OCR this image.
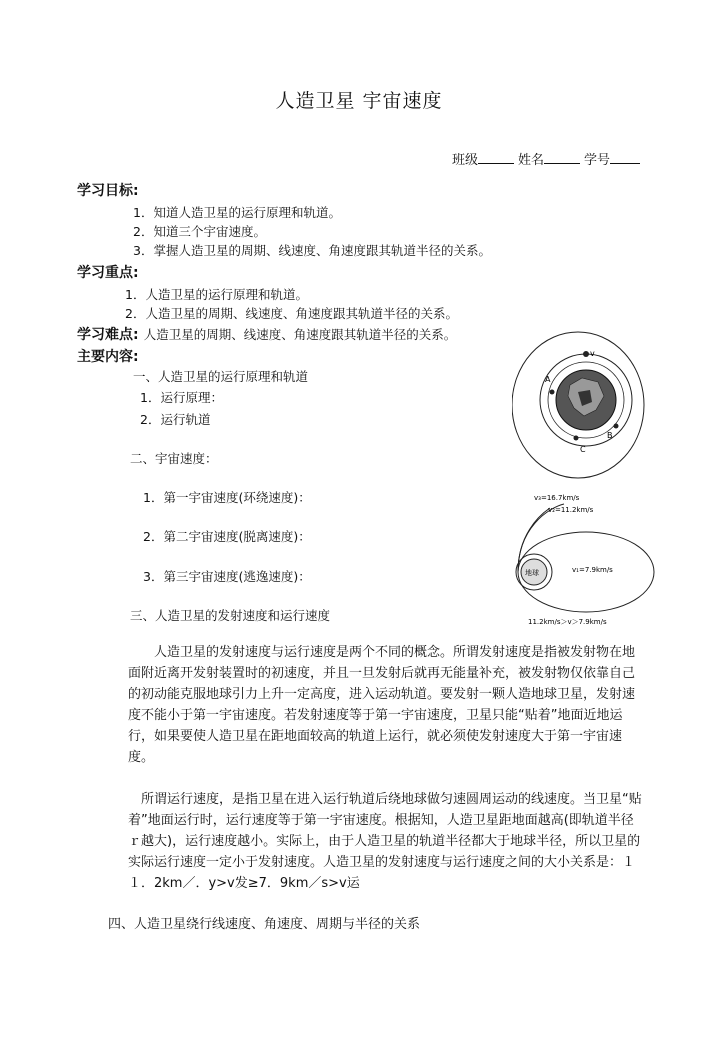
人造卫星 宇宙速度
班级	姓名	学号
学习目标:
1．知道人造卫星的运行原理和轨道。
2．知道三个宇宙速度。
3．掌握人造卫星的周期、线速度、角速度跟其轨道半径的关系。
学习重点:
1．人造卫星的运行原理和轨道。
2．人造卫星的周期、线速度、角速度跟其轨道半径的关系。
学习难点: 人造卫星的周期、线速度、角速度跟其轨道半径的关系。
主要内容:
一、人造卫星的运行原理和轨道
1．运行原理：
2．运行轨道
二、宇宙速度：
1．第一宇宙速度(环绕速度)：
2．第二宇宙速度(脱离速度)：
3．第三宇宙速度(逃逸速度)：
三、人造卫星的发射速度和运行速度
人造卫星的发射速度与运行速度是两个不同的概念。所谓发射速度是指被发射物在地面附近离开发射装置时的初速度，并且一旦发射后就再无能量补充，被发射物仅依靠自己的初动能克服地球引力上升一定高度，进入运动轨道。要发射一颗人造地球卫星，发射速度不能小于第一宇宙速度。若发射速度等于第一宇宙速度，卫星只能“贴着”地面近地运行，如果要使人造卫星在距地面较高的轨道上运行，就必须使发射速度大于第一宇宙速度。
所谓运行速度，是指卫星在进入运行轨道后绕地球做匀速圆周运动的线速度。当卫星“贴着”地面运行时，运行速度等于第一宇宙速度。根据知，人造卫星距地面越高(即轨道半径ｒ越大)，运行速度越小。实际上，由于人造卫星的轨道半径都大于地球半径，所以卫星的实际运行速度一定小于发射速度。人造卫星的发射速度与运行速度之间的大小关系是：１１．2km／．y>v发≥7．9km／s>v运
四、人造卫星绕行线速度、角速度、周期与半径的关系
v
A
B
C
地球
v₃=16.7km/s
v₂=11.2km/s
v₁=7.9km/s
11.2km/s＞v＞7.9km/s
